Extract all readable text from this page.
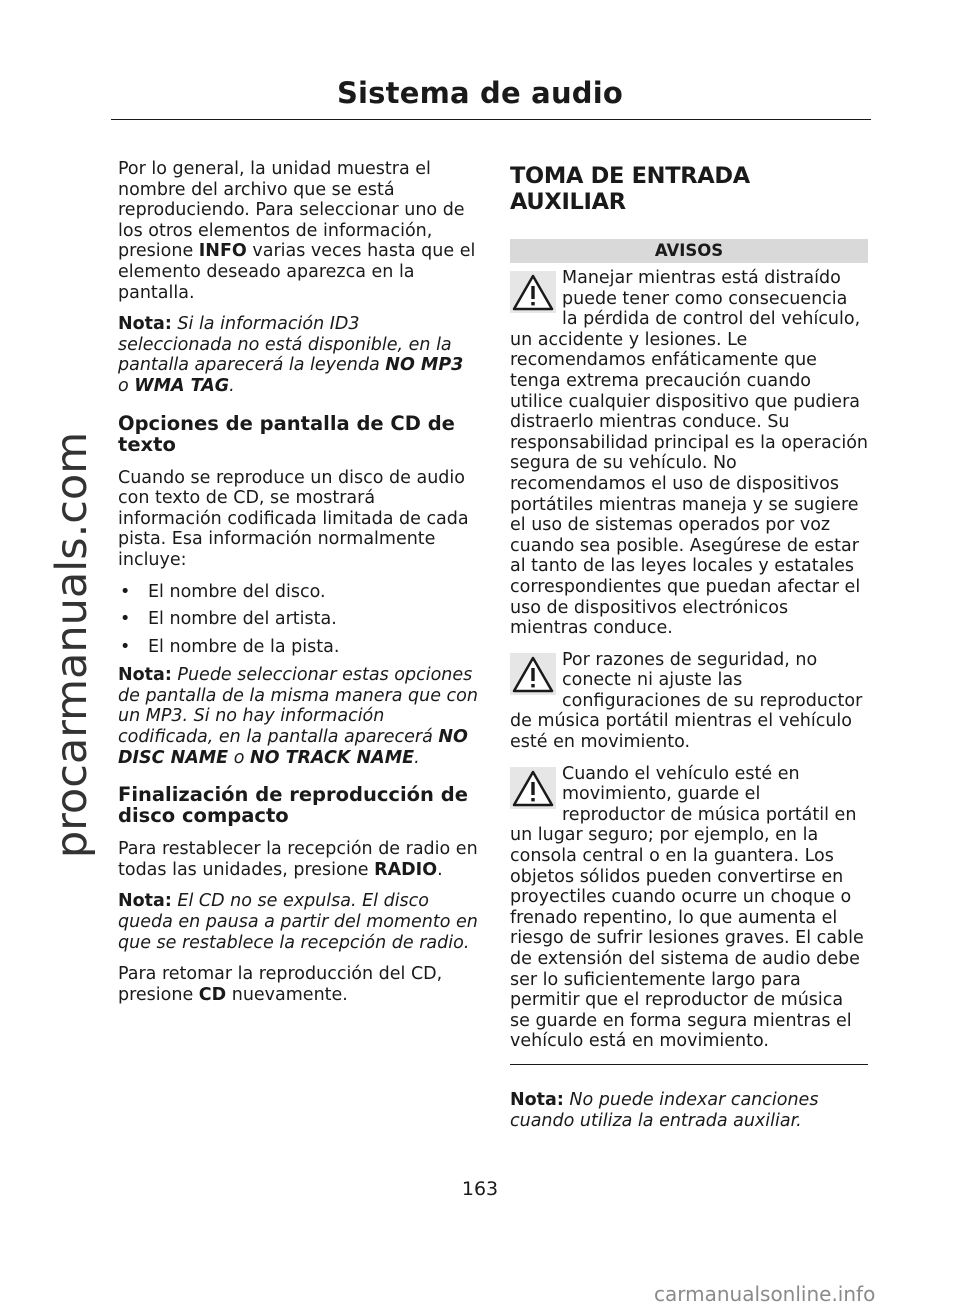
Sistema de audio
procarmanuals.com

Por lo general, la unidad muestra el nombre del archivo que se está reproduciendo. Para seleccionar uno de los otros elementos de información, presione INFO varias veces hasta que el elemento deseado aparezca en la pantalla.

Nota: Si la información ID3 seleccionada no está disponible, en la pantalla aparecerá la leyenda NO MP3 o WMA TAG.

Opciones de pantalla de CD de texto

Cuando se reproduce un disco de audio con texto de CD, se mostrará información codificada limitada de cada pista. Esa información normalmente incluye:

• El nombre del disco.
• El nombre del artista.
• El nombre de la pista.

Nota: Puede seleccionar estas opciones de pantalla de la misma manera que con un MP3. Si no hay información codificada, en la pantalla aparecerá NO DISC NAME o NO TRACK NAME.

Finalización de reproducción de disco compacto

Para restablecer la recepción de radio en todas las unidades, presione RADIO.

Nota: El CD no se expulsa. El disco queda en pausa a partir del momento en que se restablece la recepción de radio.

Para retomar la reproducción del CD, presione CD nuevamente.

TOMA DE ENTRADA AUXILIAR
AVISOS
Manejar mientras está distraído puede tener como consecuencia la pérdida de control del vehículo, un accidente y lesiones. Le recomendamos enfáticamente que tenga extrema precaución cuando utilice cualquier dispositivo que pudiera distraerlo mientras conduce. Su responsabilidad principal es la operación segura de su vehículo. No recomendamos el uso de dispositivos portátiles mientras maneja y se sugiere el uso de sistemas operados por voz cuando sea posible. Asegúrese de estar al tanto de las leyes locales y estatales correspondientes que puedan afectar el uso de dispositivos electrónicos mientras conduce.
Por razones de seguridad, no conecte ni ajuste las configuraciones de su reproductor de música portátil mientras el vehículo esté en movimiento.
Cuando el vehículo esté en movimiento, guarde el reproductor de música portátil en un lugar seguro; por ejemplo, en la consola central o en la guantera. Los objetos sólidos pueden convertirse en proyectiles cuando ocurre un choque o frenado repentino, lo que aumenta el riesgo de sufrir lesiones graves. El cable de extensión del sistema de audio debe ser lo suficientemente largo para permitir que el reproductor de música se guarde en forma segura mientras el vehículo está en movimiento.

Nota: No puede indexar canciones cuando utiliza la entrada auxiliar.

163
carmanualsonline.info
